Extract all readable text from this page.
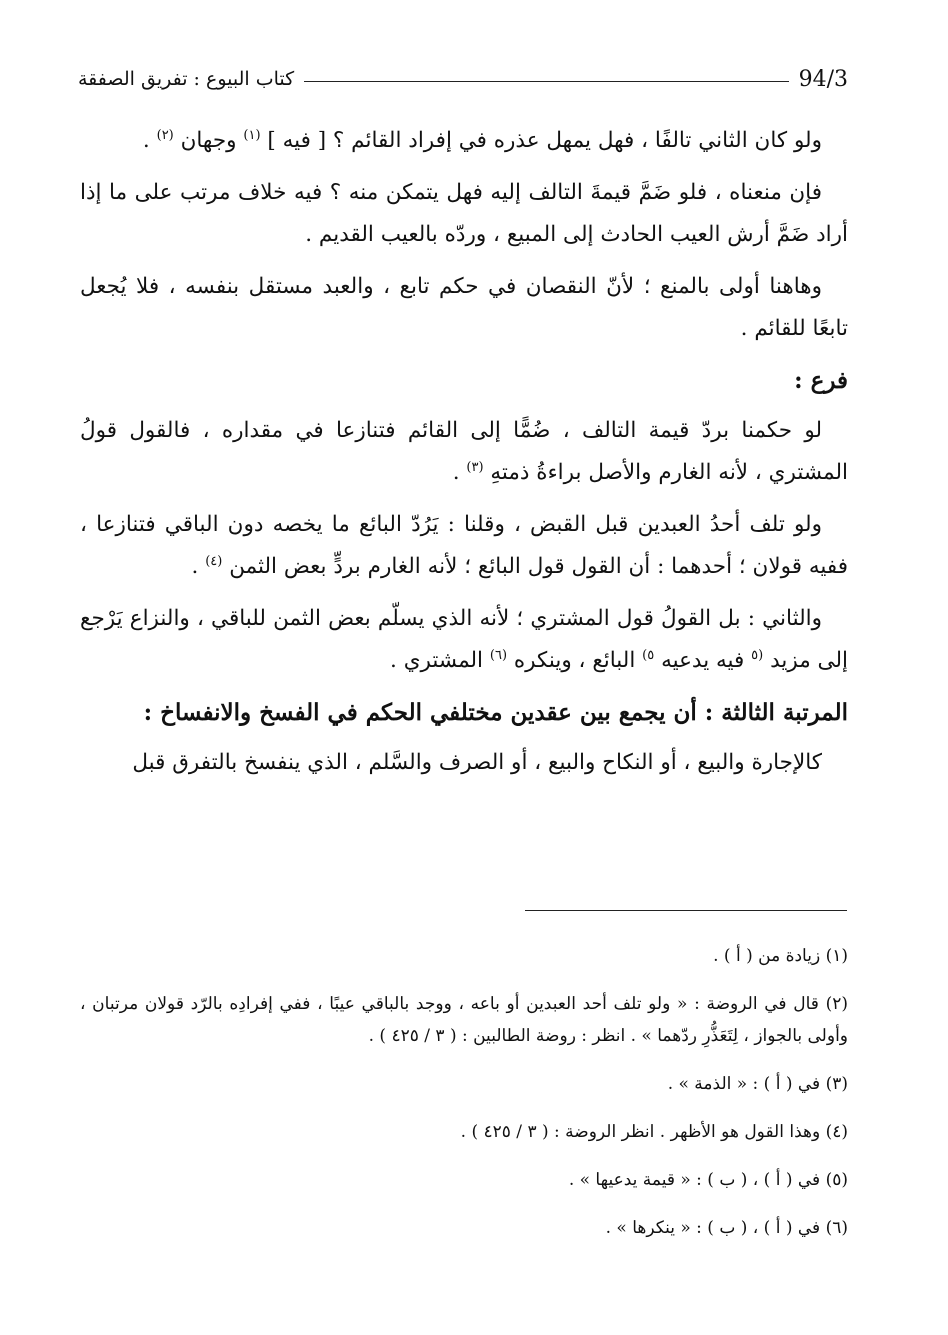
94/3
كتاب البيوع : تفريق الصفقة

ولو كان الثاني تالفًا ، فهل يمهل عذره في إفراد القائم ؟ [ فيه ] $^{(١)}$ وجهان $^{(٢)}$ .

فإن منعناه ، فلو ضَمَّ قيمةَ التالف إليه فهل يتمكن منه ؟ فيه خلاف مرتب على ما إذا أراد ضَمَّ أرش العيب الحادث إلى المبيع ، وردّه بالعيب القديم .

وهاهنا أولى بالمنع ؛ لأنّ النقصان في حكم تابع ، والعبد مستقل بنفسه ، فلا يُجعل تابعًا للقائم .

فرع :

لو حكمنا بردّ قيمة التالف ، ضُمًّا إلى القائم فتنازعا في مقداره ، فالقول قولُ المشتري ، لأنه الغارم والأصل براءةُ ذمتهِ $^{(٣)}$ .

ولو تلف أحدُ العبدين قبل القبض ، وقلنا : يَرُدّ البائع ما يخصه دون الباقي فتنازعا ، ففيه قولان ؛ أحدهما : أن القول قول البائع ؛ لأنه الغارم بردٍّ بعض الثمن $^{(٤)}$ .

والثاني : بل القولُ قول المشتري ؛ لأنه الذي يسلّم بعض الثمن للباقي ، والنزاع يَرْجع إلى مزيد $^{(٥}$ فيه يدعيه $^{٥)}$ البائع ، وينكره $^{(٦)}$ المشتري .

المرتبة الثالثة : أن يجمع بين عقدين مختلفي الحكم في الفسخ والانفساخ :

كالإجارة والبيع ، أو النكاح والبيع ، أو الصرف والسَّلم ، الذي ينفسخ بالتفرق قبل

(١) زيادة من ( أ ) .

(٢) قال في الروضة : « ولو تلف أحد العبدين أو باعه ، ووجد بالباقي عيبًا ، ففي إفرادِه بالرّد قولان مرتبان ، وأولى بالجواز ، لِتَعَذُّرِ ردّهما » . انظر : روضة الطالبين : ( ٣ / ٤٢٥ ) .

(٣) في ( أ ) : « الذمة » .

(٤) وهذا القول هو الأظهر . انظر الروضة : ( ٣ / ٤٢٥ ) .

(٥) في ( أ ) ، ( ب ) : « قيمة يدعيها » .

(٦) في ( أ ) ، ( ب ) : « ينكرها » .
